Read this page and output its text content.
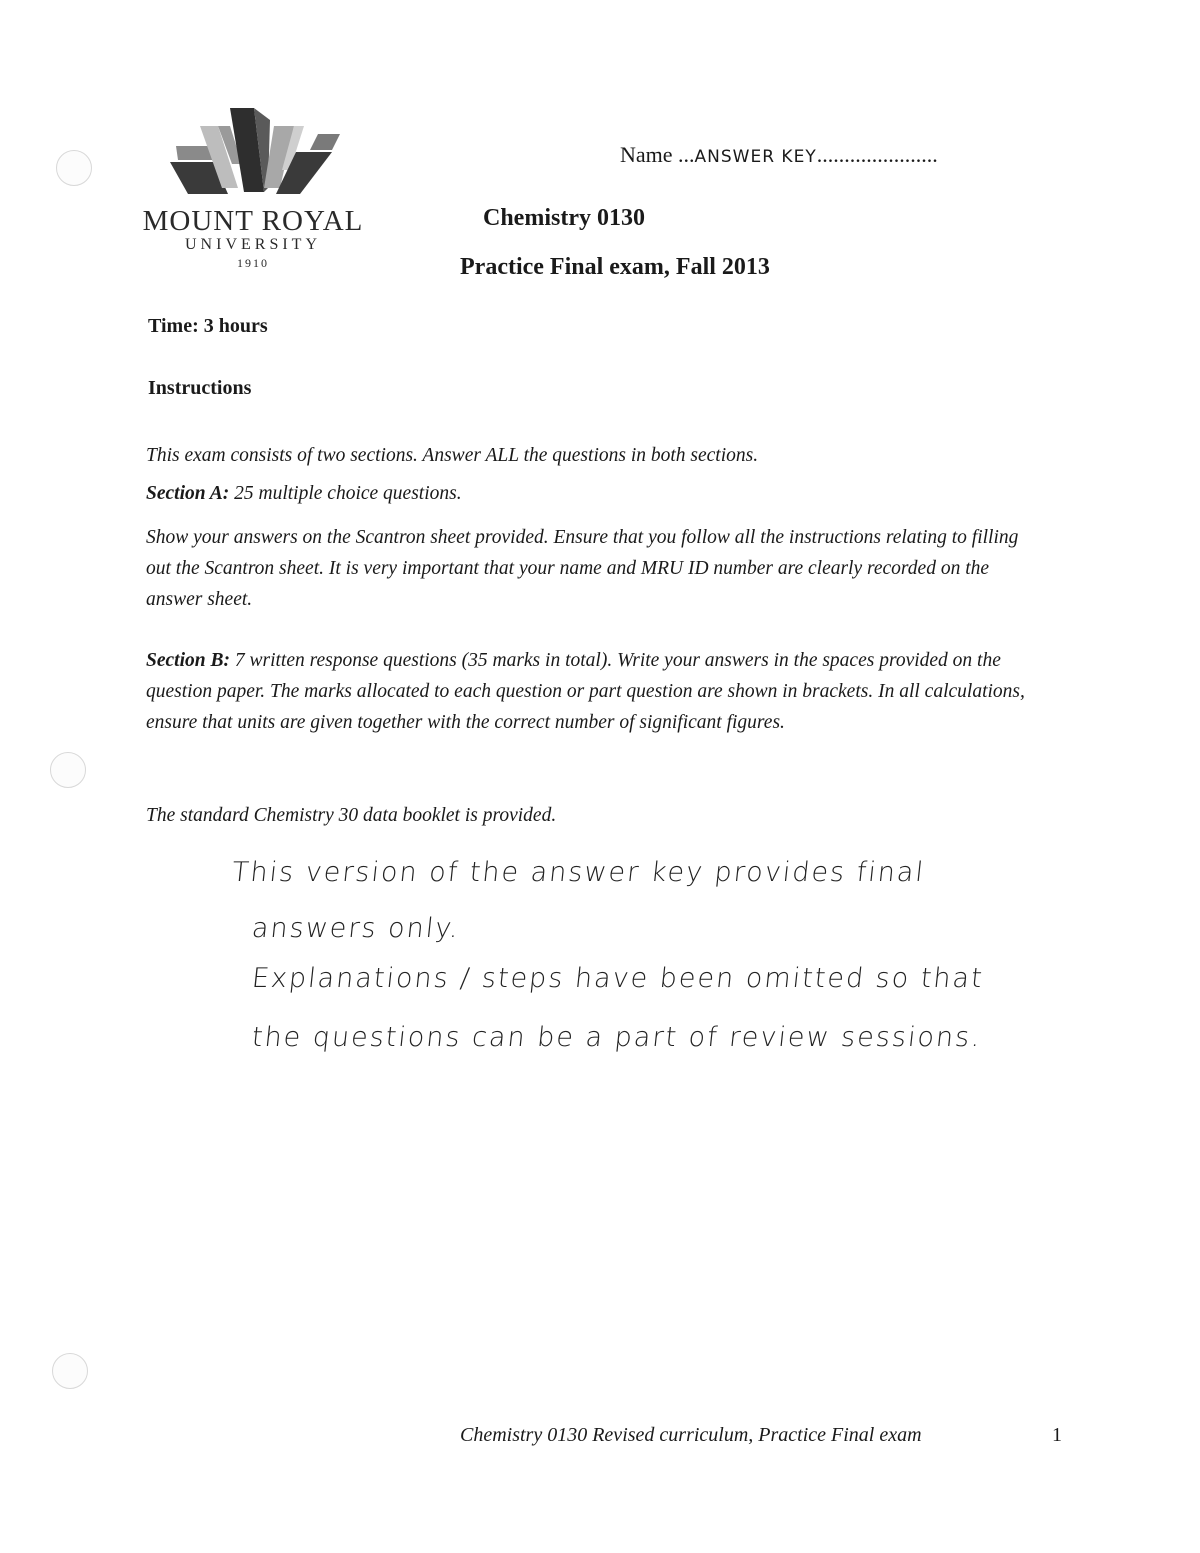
MOUNT ROYAL
UNIVERSITY
1910
Name ...ANSWER KEY......................
Chemistry 0130
Practice Final exam, Fall 2013
Time: 3 hours
Instructions
This exam consists of two sections. Answer ALL the questions in both sections.
Section A: 25 multiple choice questions.
Show your answers on the Scantron sheet provided. Ensure that you follow all the instructions relating to filling out the Scantron sheet. It is very important that your name and MRU ID number are clearly recorded on the answer sheet.
Section B: 7 written response questions (35 marks in total). Write your answers in the spaces provided on the question paper. The marks allocated to each question or part question are shown in brackets. In all calculations, ensure that units are given together with the correct number of significant figures.
The standard Chemistry 30 data booklet is provided.
This version of the answer key provides final
answers only.
Explanations / steps have been omitted so that
the questions can be a part of review sessions.
Chemistry 0130 Revised curriculum, Practice Final exam	1
